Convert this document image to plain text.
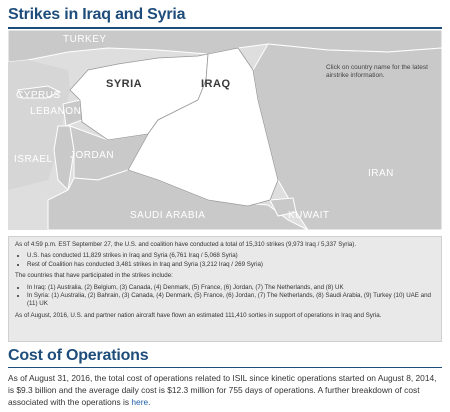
Strikes in Iraq and Syria
TURKEY
SYRIA	IRAQ
CYPRUS
LEBANON
ISRAEL JORDAN
IRAN
SAUDI ARABIA	KUWAIT
Click on country name for the latest airstrike information.

As of 4:59 p.m. EST September 27, the U.S. and coalition have conducted a total of 15,310 strikes (9,973 Iraq / 5,337 Syria).

• U.S. has conducted 11,829 strikes in Iraq and Syria (6,761 Iraq / 5,068 Syria)
• Rest of Coalition has conducted 3,481 strikes in Iraq and Syria (3,212 Iraq / 269 Syria)

The countries that have participated in the strikes include:

• In Iraq: (1) Australia, (2) Belgium, (3) Canada, (4) Denmark, (5) France, (6) Jordan, (7) The Netherlands, and (8) UK
• In Syria: (1) Australia, (2) Bahrain, (3) Canada, (4) Denmark, (5) France, (6) Jordan, (7) The Netherlands, (8) Saudi Arabia, (9) Turkey (10) UAE and (11) UK

As of August, 2016, U.S. and partner nation aircraft have flown an estimated 111,410 sorties in support of operations in Iraq and Syria.

Cost of Operations

As of August 31, 2016, the total cost of operations related to ISIL since kinetic operations started on August 8, 2014, is $9.3 billion and the average daily cost is $12.3 million for 755 days of operations. A further breakdown of cost associated with the operations is here.
